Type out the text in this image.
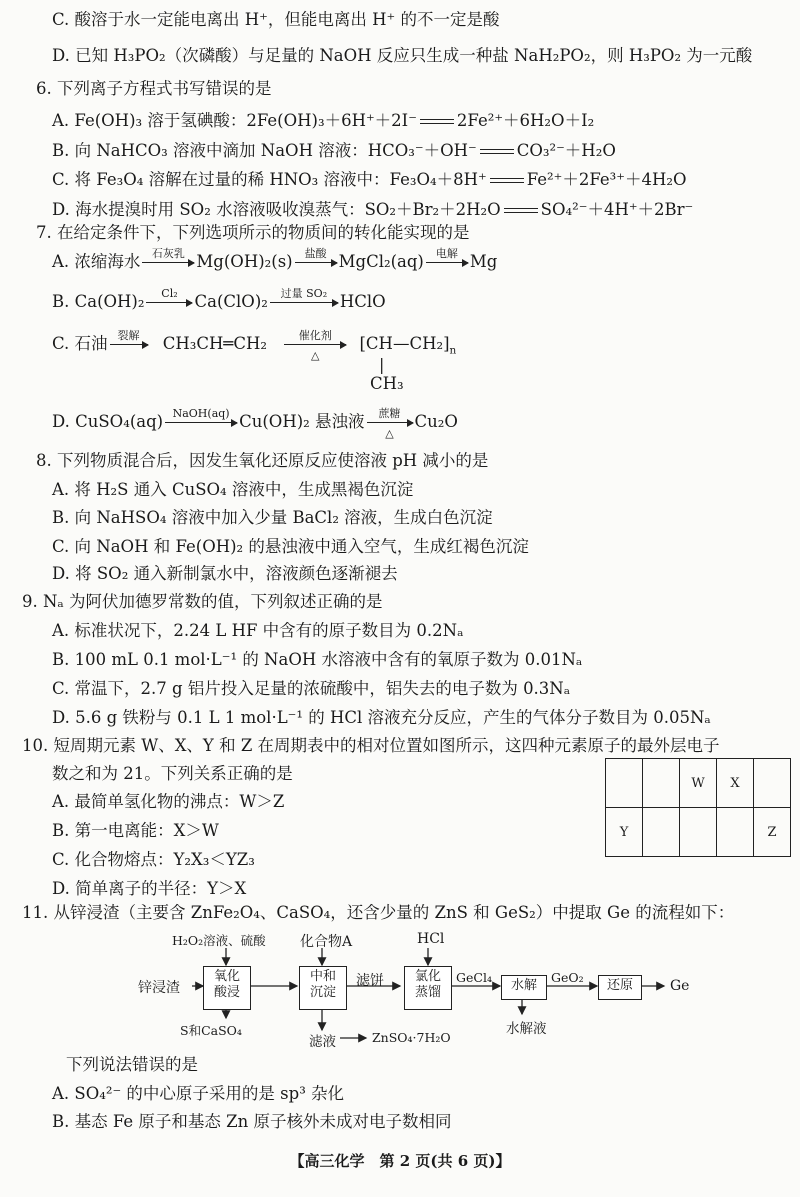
C. 酸溶于水一定能电离出 H⁺，但能电离出 H⁺ 的不一定是酸
D. 已知 H₃PO₂（次磷酸）与足量的 NaOH 反应只生成一种盐 NaH₂PO₂，则 H₃PO₂ 为一元酸
6. 下列离子方程式书写错误的是
A. Fe(OH)₃ 溶于氢碘酸：2Fe(OH)₃＋6H⁺＋2I⁻ 2Fe²⁺＋6H₂O＋I₂
B. 向 NaHCO₃ 溶液中滴加 NaOH 溶液：HCO₃⁻＋OH⁻ CO₃²⁻＋H₂O
C. 将 Fe₃O₄ 溶解在过量的稀 HNO₃ 溶液中：Fe₃O₄＋8H⁺ Fe²⁺＋2Fe³⁺＋4H₂O
D. 海水提溴时用 SO₂ 水溶液吸收溴蒸气：SO₂＋Br₂＋2H₂O SO₄²⁻＋4H⁺＋2Br⁻
7. 在给定条件下，下列选项所示的物质间的转化能实现的是
A. 浓缩海水	石灰乳 Mg(OH)₂(s)	盐酸 MgCl₂(aq)	电解 Mg
B. Ca(OH)₂	Cl₂	Ca(ClO)₂	过量 SO₂ HClO
C. 石油 裂解	CH₃CH═CH₂	催化剂
△
$[CH—CH_2]_n$
|
CH₃
D. CuSO₄(aq) NaOH(aq) Cu(OH)₂ 悬浊液	蔗糖
△
Cu₂O
8. 下列物质混合后，因发生氧化还原反应使溶液 pH 减小的是
A. 将 H₂S 通入 CuSO₄ 溶液中，生成黑褐色沉淀
B. 向 NaHSO₄ 溶液中加入少量 BaCl₂ 溶液，生成白色沉淀
C. 向 NaOH 和 Fe(OH)₂ 的悬浊液中通入空气，生成红褐色沉淀
D. 将 SO₂ 通入新制氯水中，溶液颜色逐渐褪去
9. Nₐ 为阿伏加德罗常数的值，下列叙述正确的是
A. 标准状况下，2.24 L HF 中含有的原子数目为 0.2Nₐ
B. 100 mL 0.1 mol·L⁻¹ 的 NaOH 水溶液中含有的氧原子数为 0.01Nₐ
C. 常温下，2.7 g 铝片投入足量的浓硫酸中，铝失去的电子数为 0.3Nₐ
D. 5.6 g 铁粉与 0.1 L 1 mol·L⁻¹ 的 HCl 溶液充分反应，产生的气体分子数目为 0.05Nₐ
10. 短周期元素 W、X、Y 和 Z 在周期表中的相对位置如图所示，这四种元素原子的最外层电子
数之和为 21。下列关系正确的是
A. 最简单氢化物的沸点：W＞Z
B. 第一电离能：X＞W
C. 化合物熔点：Y₂X₃＜YZ₃
D. 简单离子的半径：Y＞X
		W	X	
Y				Z
11. 从锌浸渣（主要含 ZnFe₂O₄、CaSO₄，还含少量的 ZnS 和 GeS₂）中提取 Ge 的流程如下：
H₂O₂溶液、硫酸 化合物A	HCl
锌浸渣
氧化
酸浸
中和
沉淀
滤饼	氯化
蒸馏
GeCl₄
水解
GeO₂
还原	Ge
S和CaSO₄
滤液	ZnSO₄·7H₂O
水解液
下列说法错误的是
A. SO₄²⁻ 的中心原子采用的是 sp³ 杂化
B. 基态 Fe 原子和基态 Zn 原子核外未成对电子数相同
【高三化学　第 2 页(共 6 页)】
